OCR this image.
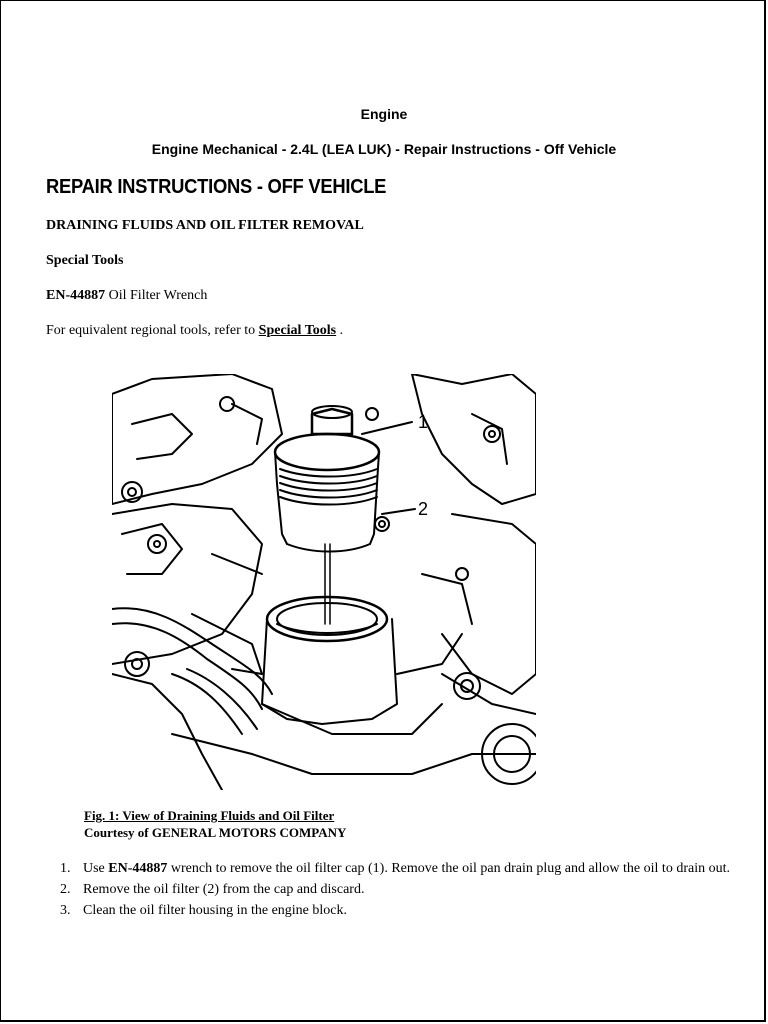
Engine
Engine Mechanical - 2.4L (LEA LUK) - Repair Instructions - Off Vehicle
REPAIR INSTRUCTIONS - OFF VEHICLE
DRAINING FLUIDS AND OIL FILTER REMOVAL
Special Tools
EN-44887 Oil Filter Wrench
For equivalent regional tools, refer to Special Tools .
1
2
Fig. 1: View of Draining Fluids and Oil Filter
Courtesy of GENERAL MOTORS COMPANY
1. Use EN-44887 wrench to remove the oil filter cap (1). Remove the oil pan drain plug and allow the oil to drain out.
2. Remove the oil filter (2) from the cap and discard.
3. Clean the oil filter housing in the engine block.
